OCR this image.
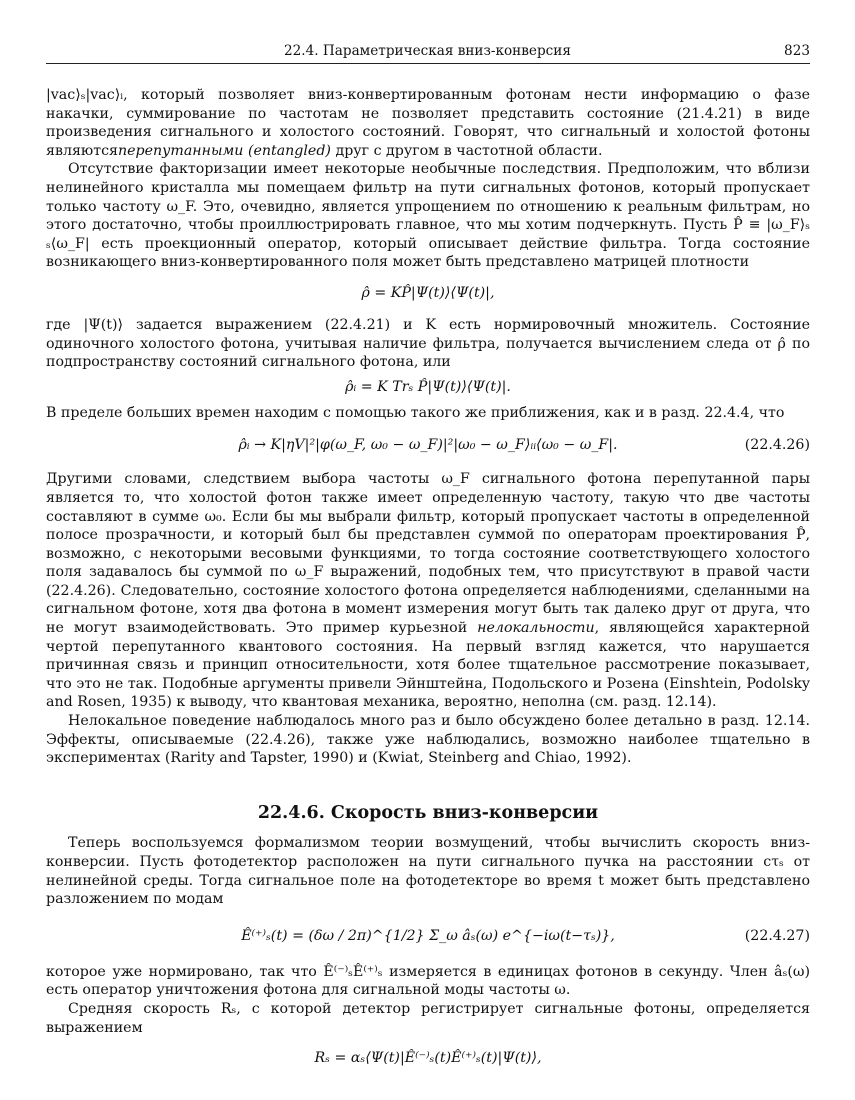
22.4. Параметрическая вниз-конверсия	823

|vac⟩ₛ|vac⟩ᵢ, который позволяет вниз-конвертированным фотонам нести информацию о фазе накачки, суммирование по частотам не позволяет представить состояние (21.4.21) в виде произведения сигнального и холостого состояний. Говорят, что сигнальный и холостой фотоны являютсяперепутанными (entangled) друг с другом в частотной области.

Отсутствие факторизации имеет некоторые необычные последствия. Предположим, что вблизи нелинейного кристалла мы помещаем фильтр на пути сигнальных фотонов, который пропускает только частоту ω_F. Это, очевидно, является упрощением по отношению к реальным фильтрам, но этого достаточно, чтобы проиллюстрировать главное, что мы хотим подчеркнуть. Пусть P̂ ≡ |ω_F⟩ₛ ₛ⟨ω_F| есть проекционный оператор, который описывает действие фильтра. Тогда состояние возникающего вниз-конвертированного поля может быть представлено матрицей плотности

ρ̂ = KP̂|Ψ(t)⟩⟨Ψ(t)|,

где |Ψ(t)⟩ задается выражением (22.4.21) и K есть нормировочный множитель. Состояние одиночного холостого фотона, учитывая наличие фильтра, получается вычислением следа от ρ̂ по подпространству состояний сигнального фотона, или

ρ̂ᵢ = K Trₛ P̂|Ψ(t)⟩⟨Ψ(t)|.

В пределе больших времен находим с помощью такого же приближения, как и в разд. 22.4.4, что

ρ̂ᵢ → K|ηV|²|φ(ω_F, ω₀ − ω_F)|²|ω₀ − ω_F⟩ᵢᵢ⟨ω₀ − ω_F|.	(22.4.26)

Другими словами, следствием выбора частоты ω_F сигнального фотона перепутанной пары является то, что холостой фотон также имеет определенную частоту, такую что две частоты составляют в сумме ω₀. Если бы мы выбрали фильтр, который пропускает частоты в определенной полосе прозрачности, и который был бы представлен суммой по операторам проектирования P̂, возможно, с некоторыми весовыми функциями, то тогда состояние соответствующего холостого поля задавалось бы суммой по ω_F выражений, подобных тем, что присутствуют в правой части (22.4.26). Следовательно, состояние холостого фотона определяется наблюдениями, сделанными на сигнальном фотоне, хотя два фотона в момент измерения могут быть так далеко друг от друга, что не могут взаимодействовать. Это пример курьезной нелокальности, являющейся характерной чертой перепутанного квантового состояния. На первый взгляд кажется, что нарушается причинная связь и принцип относительности, хотя более тщательное рассмотрение показывает, что это не так. Подобные аргументы привели Эйнштейна, Подольского и Розена (Einshtein, Podolsky and Rosen, 1935) к выводу, что квантовая механика, вероятно, неполна (см. разд. 12.14).

Нелокальное поведение наблюдалось много раз и было обсуждено более детально в разд. 12.14. Эффекты, описываемые (22.4.26), также уже наблюдались, возможно наиболее тщательно в экспериментах (Rarity and Tapster, 1990) и (Kwiat, Steinberg and Chiao, 1992).

22.4.6. Скорость вниз-конверсии

Теперь воспользуемся формализмом теории возмущений, чтобы вычислить скорость вниз-конверсии. Пусть фотодетектор расположен на пути сигнального пучка на расстоянии cτₛ от нелинейной среды. Тогда сигнальное поле на фотодетекторе во время t может быть представлено разложением по модам

Ê⁽⁺⁾ₛ(t) = (δω / 2π)^{1/2} Σ_ω âₛ(ω) e^{−iω(t−τₛ)},	(22.4.27)

которое уже нормировано, так что Ê⁽⁻⁾ₛÊ⁽⁺⁾ₛ измеряется в единицах фотонов в секунду. Член âₛ(ω) есть оператор уничтожения фотона для сигнальной моды частоты ω.

Средняя скорость Rₛ, с которой детектор регистрирует сигнальные фотоны, определяется выражением

Rₛ = αₛ⟨Ψ(t)|Ê⁽⁻⁾ₛ(t)Ê⁽⁺⁾ₛ(t)|Ψ(t)⟩,
